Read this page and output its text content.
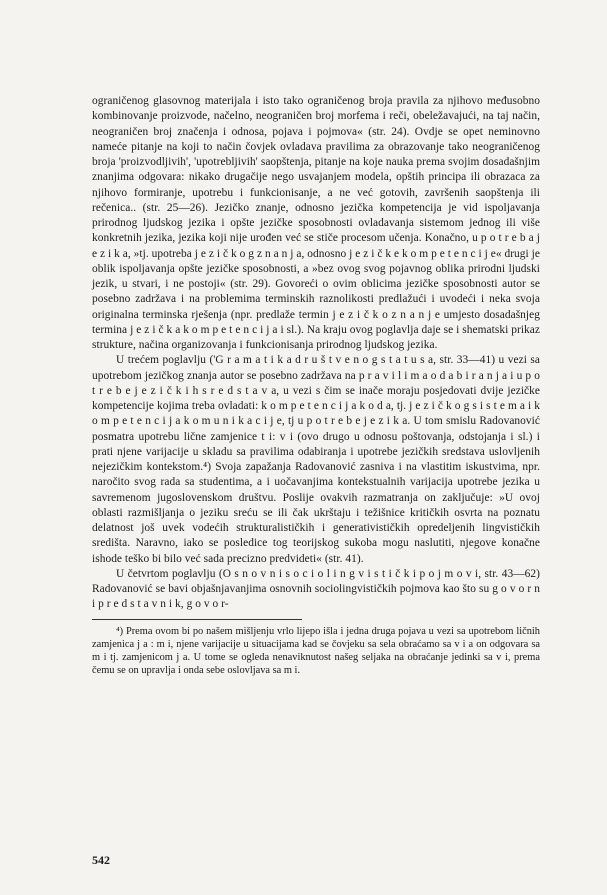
ograničenog glasovnog materijala i isto tako ograničenog broja pravila za njihovo međusobno kombinovanje proizvode, načelno, neograničen broj morfema i reči, obeležavajući, na taj način, neograničen broj značenja i odnosa, pojava i pojmova« (str. 24). Ovdje se opet neminovno nameće pitanje na koji to način čovjek ovladava pravilima za obrazovanje tako neograničenog broja 'proizvodljivih', 'upotrebljivih' saopštenja, pitanje na koje nauka prema svojim dosadašnjim znanjima odgovara: nikako drugačije nego usvajanjem modela, opštih principa ili obrazaca za njihovo formiranje, upotrebu i funkcionisanje, a ne već gotovih, završenih saopštenja ili rečenica.. (str. 25—26). Jezičko znanje, odnosno jezička kompetencija je vid ispoljavanja prirodnog ljudskog jezika i opšte jezičke sposobnosti ovladavanja sistemom jednog ili više konkretnih jezika, jezika koji nije urođen već se stiče procesom učenja. Konačno, u p o t r e b a j e z i k a, »tj. upotreba j e z i č k o g z n a n j a, odnosno j e z i č k e k o m p e t e n c i j e« drugi je oblik ispoljavanja opšte jezičke sposobnosti, a »bez ovog svog pojavnog oblika prirodni ljudski jezik, u stvari, i ne postoji« (str. 29). Govoreći o ovim oblicima jezičke sposobnosti autor se posebno zadržava i na problemima terminskih raznolikosti predlažući i uvodeći i neka svoja originalna terminska rješenja (npr. predlaže termin j e z i č k o z n a n j e umjesto dosadašnjeg termina j e z i č k a k o m p e t e n c i j a i sl.). Na kraju ovog poglavlja daje se i shematski prikaz strukture, načina organizovanja i funkcionisanja prirodnog ljudskog jezika.

U trećem poglavlju ('G r a m a t i k a d r u š t v e n o g s t a t u s a, str. 33—41) u vezi sa upotrebom jezičkog znanja autor se posebno zadržava na p r a v i l i m a o d a b i r a n j a i u p o t r e b e j e z i č k i h s r e d s t a v a, u vezi s čim se inače moraju posjedovati dvije jezičke kompetencije kojima treba ovladati: k o m p e t e n c i j a k o d a, tj. j e z i č k o g s i s t e m a i k o m p e t e n c i j a k o m u n i k a c i j e, tj u p o t r e b e j e z i k a. U tom smislu Radovanović posmatra upotrebu lične zamjenice t i: v i (ovo drugo u odnosu poštovanja, odstojanja i sl.) i prati njene varijacije u skladu sa pravilima odabiranja i upotrebe jezičkih sredstava uslovljenih nejezičkim kontekstom.⁴) Svoja zapažanja Radovanović zasniva i na vlastitim iskustvima, npr. naročito svog rada sa studentima, a i uočavanjima kontekstualnih varijacija upotrebe jezika u savremenom jugoslovenskom društvu. Poslije ovakvih razmatranja on zaključuje: »U ovoj oblasti razmišljanja o jeziku sreću se ili čak ukrštaju i težišnice kritičkih osvrta na poznatu delatnost još uvek vodećih strukturalističkih i generativističkih opredeljenih lingvističkih središta. Naravno, iako se posledice tog teorijskog sukoba mogu naslutiti, njegove konačne ishode teško bi bilo već sada precizno predvideti« (str. 41).

U četvrtom poglavlju (O s n o v n i s o c i o l i n g v i s t i č k i p o j m o v i, str. 43—62) Radovanović se bavi objašnjavanjima osnovnih sociolingvističkih pojmova kao što su g o v o r n i p r e d s t a v n i k, g o v o r-

⁴) Prema ovom bi po našem mišljenju vrlo lijepo išla i jedna druga pojava u vezi sa upotrebom ličnih zamjenica j a : m i, njene varijacije u situacijama kad se čovjeku sa sela obraćamo sa v i a on odgovara sa m i tj. zamjenicom j a. U tome se ogleda nenaviknutost našeg seljaka na obraćanje jedinki sa v i, prema čemu se on upravlja i onda sebe oslovljava sa m i.

542
